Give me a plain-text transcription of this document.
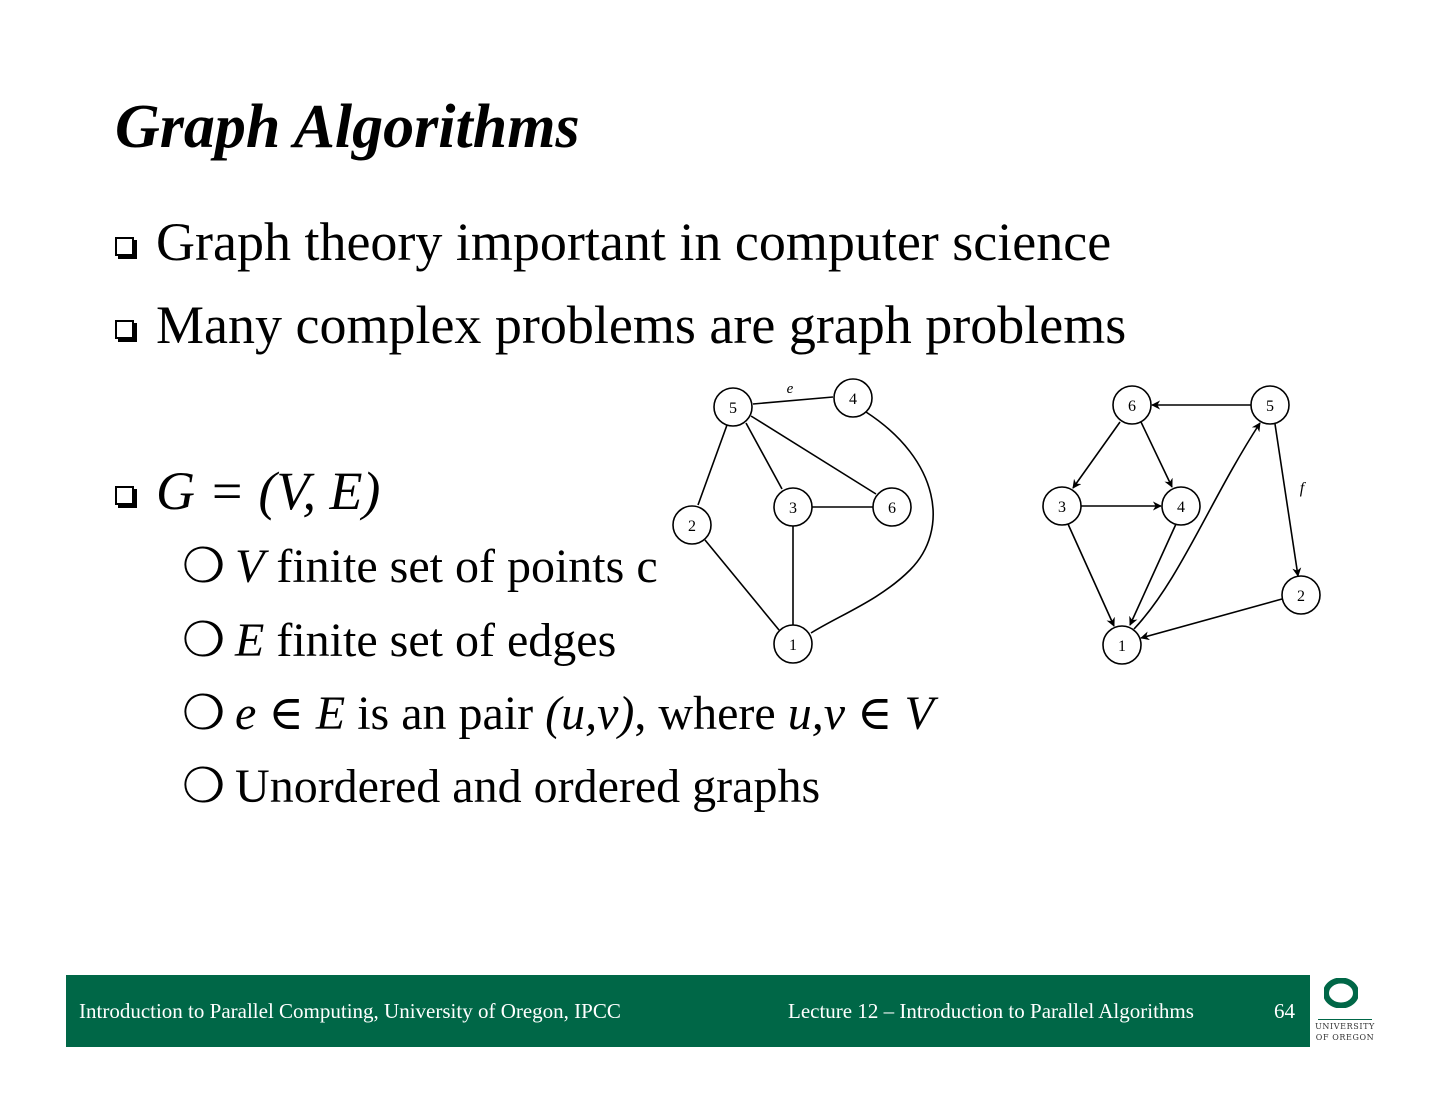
Graph Algorithms
Graph theory important in computer science
Many complex problems are graph problems
G = (V, E)
❍ V finite set of points c
❍ E finite set of edges
❍ e ∈ E is an pair (u,v), where u,v ∈ V
❍ Unordered and ordered graphs
e
5
4
3	6
2
1
f
6	5
3	4
2
1
Introduction to Parallel Computing, University of Oregon, IPCC	Lecture 12 – Introduction to Parallel Algorithms	64
UNIVERSITY
OF OREGON
